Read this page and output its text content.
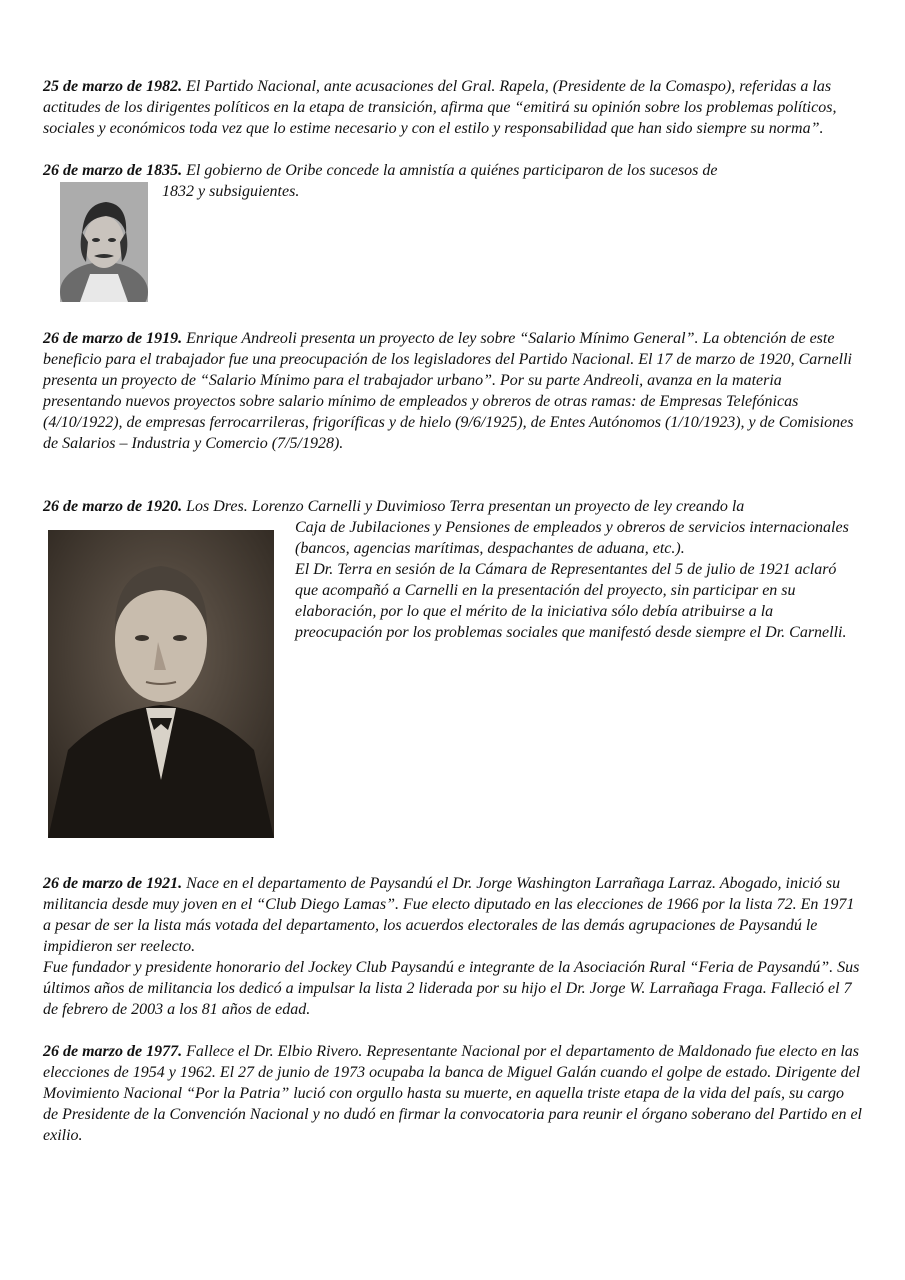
25 de marzo de 1982. El Partido Nacional, ante acusaciones del Gral. Rapela, (Presidente de la Comaspo), referidas a las actitudes de los dirigentes políticos en la etapa de transición, afirma que “emitirá su opinión sobre los problemas políticos, sociales y económicos toda vez que lo estime necesario y con el estilo y responsabilidad que han sido siempre su norma”.

26 de marzo de 1835. El gobierno de Oribe concede la amnistía a quiénes participaron de los sucesos de

1832 y subsiguientes.

26 de marzo de 1919. Enrique Andreoli presenta un proyecto de ley sobre “Salario Mínimo General”. La obtención de este beneficio para el trabajador fue una preocupación de los legisladores del Partido Nacional. El 17 de marzo de 1920, Carnelli presenta un proyecto de “Salario Mínimo para el trabajador urbano”. Por su parte Andreoli, avanza en la materia presentando nuevos proyectos sobre salario mínimo de empleados y obreros de otras ramas: de Empresas Telefónicas (4/10/1922), de empresas ferrocarrileras, frigoríficas y de hielo (9/6/1925), de Entes Autónomos (1/10/1923), y de Comisiones de Salarios – Industria y Comercio (7/5/1928).

26 de marzo de 1920. Los Dres. Lorenzo Carnelli y Duvimioso Terra presentan un proyecto de ley creando la

Caja de Jubilaciones y Pensiones de empleados y obreros de servicios internacionales (bancos, agencias marítimas, despachantes de aduana, etc.).

El Dr. Terra en sesión de la Cámara de Representantes del 5 de julio de 1921 aclaró que acompañó a Carnelli en la presentación del proyecto, sin participar en su elaboración, por lo que el mérito de la iniciativa sólo debía atribuirse a la preocupación por los problemas sociales que manifestó desde siempre el Dr. Carnelli.

26 de marzo de 1921. Nace en el departamento de Paysandú el Dr. Jorge Washington Larrañaga Larraz. Abogado, inició su militancia desde muy joven en el “Club Diego Lamas”. Fue electo diputado en las elecciones de 1966 por la lista 72. En 1971 a pesar de ser la lista más votada del departamento, los acuerdos electorales de las demás agrupaciones de Paysandú le impidieron ser reelecto.

Fue fundador y presidente honorario del Jockey Club Paysandú e integrante de la Asociación Rural “Feria de Paysandú”. Sus últimos años de militancia los dedicó a impulsar la lista 2 liderada por su hijo el Dr. Jorge W. Larrañaga Fraga. Falleció el 7 de febrero de 2003 a los 81 años de edad.

26 de marzo de 1977. Fallece el Dr. Elbio Rivero. Representante Nacional por el departamento de Maldonado fue electo en las elecciones de 1954 y 1962. El 27 de junio de 1973 ocupaba la banca de Miguel Galán cuando el golpe de estado. Dirigente del Movimiento Nacional “Por la Patria” lució con orgullo hasta su muerte, en aquella triste etapa de la vida del país, su cargo de Presidente de la Convención Nacional y no dudó en firmar la convocatoria para reunir el órgano soberano del Partido en el exilio.
